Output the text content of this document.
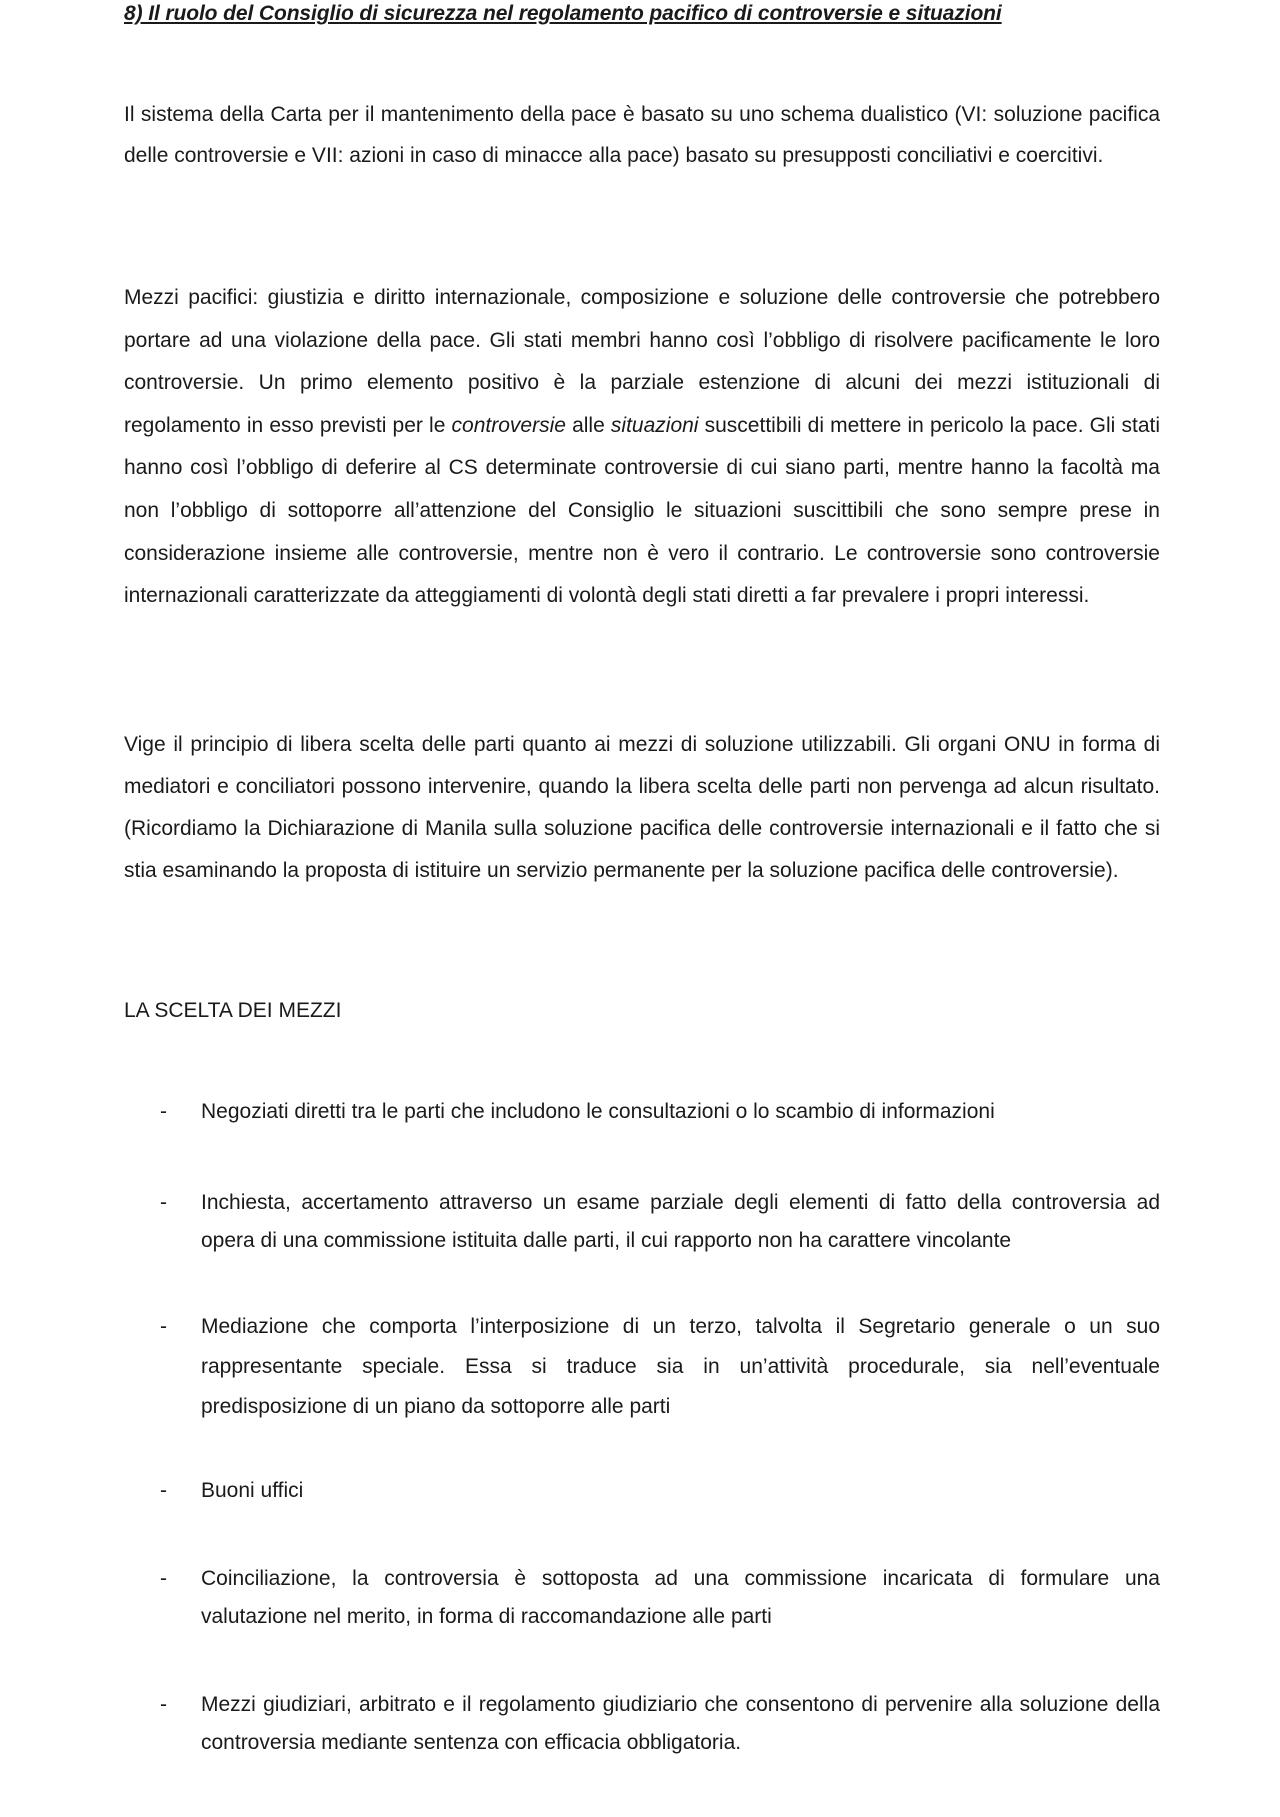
8) Il ruolo del Consiglio di sicurezza nel regolamento pacifico di controversie e situazioni

Il sistema della Carta per il mantenimento della pace è basato su uno schema dualistico (VI: soluzione pacifica delle controversie e VII: azioni in caso di minacce alla pace) basato su presupposti conciliativi e coercitivi.

Mezzi pacifici: giustizia e diritto internazionale, composizione e soluzione delle controversie che potrebbero portare ad una violazione della pace. Gli stati membri hanno così l’obbligo di risolvere pacificamente le loro controversie. Un primo elemento positivo è la parziale estenzione di alcuni dei mezzi istituzionali di regolamento in esso previsti per le controversie alle situazioni suscettibili di mettere in pericolo la pace. Gli stati hanno così l’obbligo di deferire al CS determinate controversie di cui siano parti, mentre hanno la facoltà ma non l’obbligo di sottoporre all’attenzione del Consiglio le situazioni suscittibili che sono sempre prese in considerazione insieme alle controversie, mentre non è vero il contrario. Le controversie sono controversie internazionali caratterizzate da atteggiamenti di volontà degli stati diretti a far prevalere i propri interessi.

Vige il principio di libera scelta delle parti quanto ai mezzi di soluzione utilizzabili. Gli organi ONU in forma di mediatori e conciliatori possono intervenire, quando la libera scelta delle parti non pervenga ad alcun risultato. (Ricordiamo la Dichiarazione di Manila sulla soluzione pacifica delle controversie internazionali e il fatto che si stia esaminando la proposta di istituire un servizio permanente per la soluzione pacifica delle controversie).

LA SCELTA DEI MEZZI

- Negoziati diretti tra le parti che includono le consultazioni o lo scambio di informazioni

- Inchiesta, accertamento attraverso un esame parziale degli elementi di fatto della controversia ad opera di una commissione istituita dalle parti, il cui rapporto non ha carattere vincolante

- Mediazione che comporta l’interposizione di un terzo, talvolta il Segretario generale o un suo rappresentante speciale. Essa si traduce sia in un’attività procedurale, sia nell’eventuale predisposizione di un piano da sottoporre alle parti

- Buoni uffici

- Coinciliazione, la controversia è sottoposta ad una commissione incaricata di formulare una valutazione nel merito, in forma di raccomandazione alle parti

- Mezzi giudiziari, arbitrato e il regolamento giudiziario che consentono di pervenire alla soluzione della controversia mediante sentenza con efficacia obbligatoria.
